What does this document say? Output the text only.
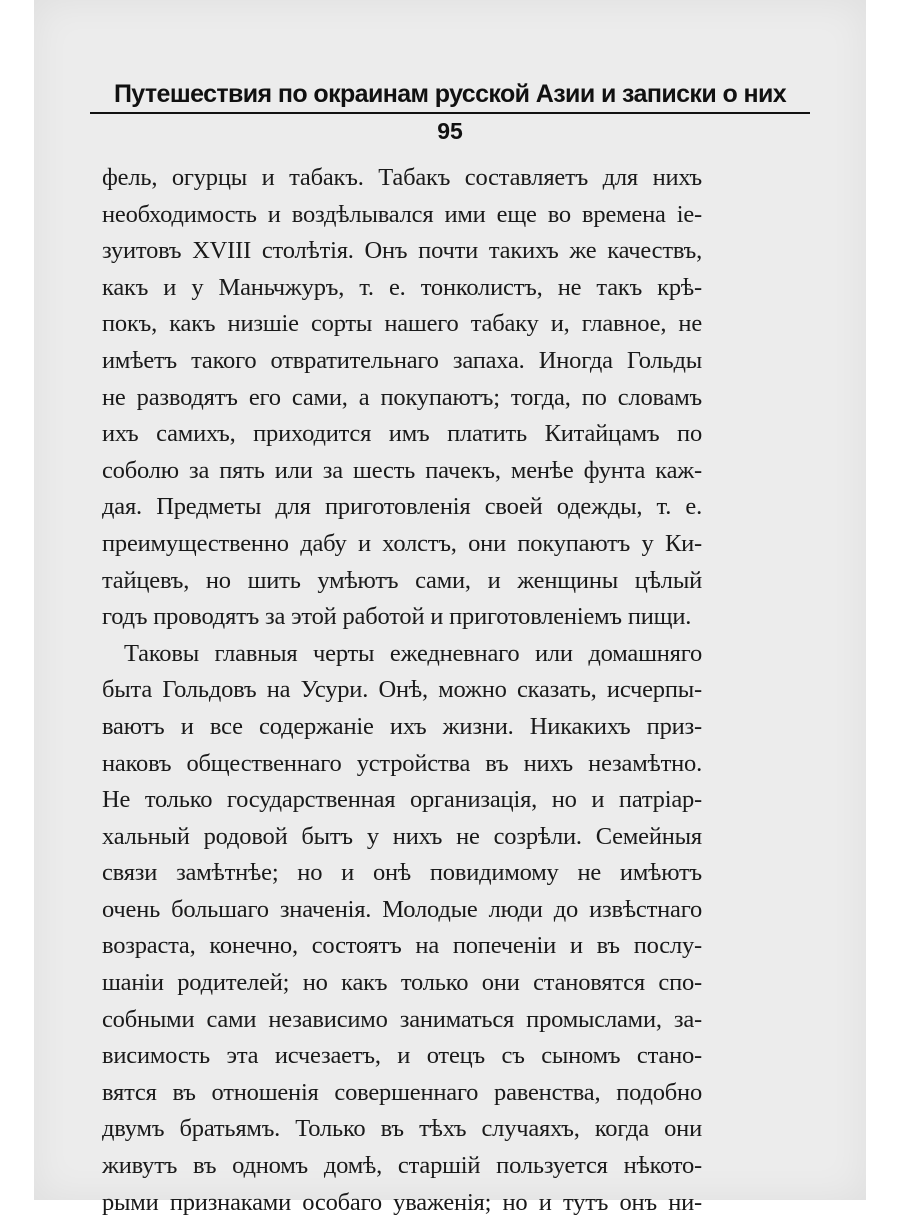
Путешествия по окраинам русской Азии и записки о них
95
фель, огурцы и табакъ. Табакъ составляетъ для нихъ
необходимость и воздѣлывался ими еще во времена iе-
зуитовъ XVIII столѣтiя. Онъ почти такихъ же качествъ,
какъ и у Маньчжуръ, т. е. тонколистъ, не такъ крѣ-
покъ, какъ низшiе сорты нашего табаку и, главное, не
имѣетъ такого отвратительнаго запаха. Иногда Гольды
не разводятъ его сами, а покупаютъ; тогда, по словамъ
ихъ самихъ, приходится имъ платить Китайцамъ по
соболю за пять или за шесть пачекъ, менѣе фунта каж-
дая. Предметы для приготовленiя своей одежды, т. е.
преимущественно дабу и холстъ, они покупаютъ у Ки-
тайцевъ, но шить умѣютъ сами, и женщины цѣлый
годъ проводятъ за этой работой и приготовленiемъ пищи.
Таковы главныя черты ежедневнаго или домашняго
быта Гольдовъ на Усури. Онѣ, можно сказать, исчерпы-
ваютъ и все содержанiе ихъ жизни. Никакихъ приз-
наковъ общественнаго устройства въ нихъ незамѣтно.
Не только государственная организацiя, но и патрiар-
хальный родовой бытъ у нихъ не созрѣли. Семейныя
связи замѣтнѣе; но и онѣ повидимому не имѣютъ
очень большаго значенiя. Молодые люди до извѣстнаго
возраста, конечно, состоятъ на попеченiи и въ послу-
шанiи родителей; но какъ только они становятся спо-
собными сами независимо заниматься промыслами, за-
висимость эта исчезаетъ, и отецъ съ сыномъ стано-
вятся въ отношенiя совершеннаго равенства, подобно
двумъ братьямъ. Только въ тѣхъ случаяхъ, когда они
живутъ въ одномъ домѣ, старшiй пользуется нѣкото-
рыми признаками особаго уваженiя; но и тутъ онъ ни-
